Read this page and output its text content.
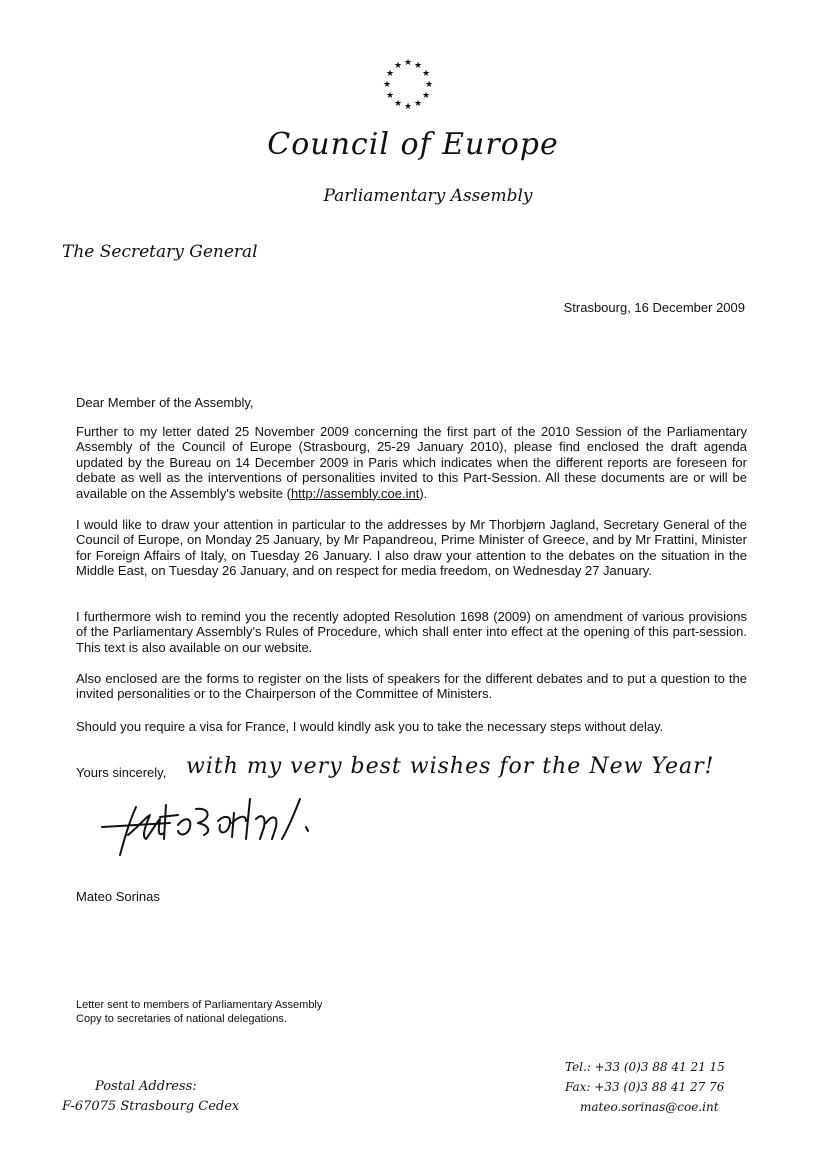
★ ★
★
★
★
★
★
★
★
★
★
★
Council of Europe
Parliamentary Assembly
The Secretary General
Strasbourg, 16 December 2009
Dear Member of the Assembly,
Further to my letter dated 25 November 2009 concerning the first part of the 2010 Session of the Parliamentary Assembly of the Council of Europe (Strasbourg, 25-29 January 2010), please find enclosed the draft agenda updated by the Bureau on 14 December 2009 in Paris which indicates when the different reports are foreseen for debate as well as the interventions of personalities invited to this Part-Session. All these documents are or will be available on the Assembly's website (http://assembly.coe.int).
I would like to draw your attention in particular to the addresses by Mr Thorbjørn Jagland, Secretary General of the Council of Europe, on Monday 25 January, by Mr Papandreou, Prime Minister of Greece, and by Mr Frattini, Minister for Foreign Affairs of Italy, on Tuesday 26 January. I also draw your attention to the debates on the situation in the Middle East, on Tuesday 26 January, and on respect for media freedom, on Wednesday 27 January.
I furthermore wish to remind you the recently adopted Resolution 1698 (2009) on amendment of various provisions of the Parliamentary Assembly's Rules of Procedure, which shall enter into effect at the opening of this part-session. This text is also available on our website.
Also enclosed are the forms to register on the lists of speakers for the different debates and to put a question to the invited personalities or to the Chairperson of the Committee of Ministers.
Should you require a visa for France, I would kindly ask you to take the necessary steps without delay.
Yours sincerely, with my very best wishes for the New Year!
Mateo Sorinas
Letter sent to members of Parliamentary Assembly
Copy to secretaries of national delegations.
Postal Address:
F-67075 Strasbourg Cedex
Tel.: +33 (0)3 88 41 21 15
Fax: +33 (0)3 88 41 27 76
mateo.sorinas@coe.int
